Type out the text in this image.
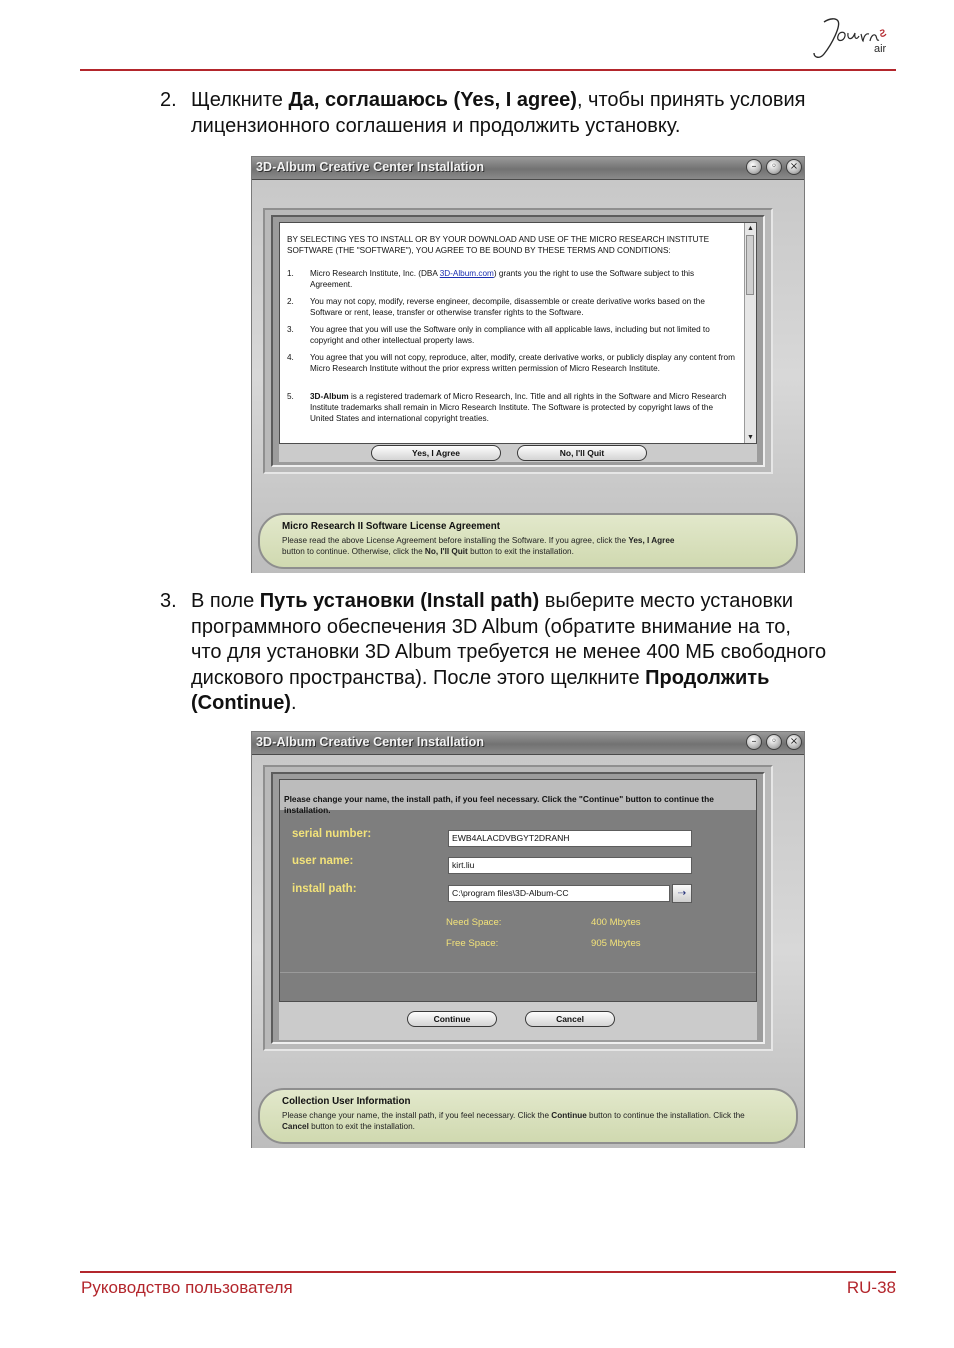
air
2. Щелкните Да, соглашаюсь (Yes, I agree), чтобы принять условия
лицензионного соглашения и продолжить установку.
3D-Album Creative Center Installation	–	◦	×

BY SELECTING YES TO INSTALL OR BY YOUR DOWNLOAD AND USE OF THE MICRO RESEARCH INSTITUTE SOFTWARE (THE "SOFTWARE"), YOU AGREE TO BE BOUND BY THESE TERMS AND CONDITIONS:

1. Micro Research Institute, Inc. (DBA 3D-Album.com) grants you the right to use the Software subject to this Agreement.
2. You may not copy, modify, reverse engineer, decompile, disassemble or create derivative works based on the Software or rent, lease, transfer or otherwise transfer rights to the Software.
3. You agree that you will use the Software only in compliance with all applicable laws, including but not limited to copyright and other intellectual property laws.
4. You agree that you will not copy, reproduce, alter, modify, create derivative works, or publicly display any content from Micro Research Institute without the prior express written permission of Micro Research Institute.
5. 3D-Album is a registered trademark of Micro Research, Inc. Title and all rights in the Software and Micro Research Institute trademarks shall remain in Micro Research Institute. The Software is protected by copyright laws of the United States and international copyright treaties.
▲
▼
Yes, I Agree	No, I'll Quit
Micro Research II Software License Agreement
Please read the above License Agreement before installing the Software. If you agree, click the Yes, I Agree
button to continue. Otherwise, click the No, I'll Quit button to exit the installation.
3. В поле Путь установки (Install path) выберите место установки
программного обеспечения 3D Album (обратите внимание на то,
что для установки 3D Album требуется не менее 400 МБ свободного
дискового пространства). После этого щелкните Продолжить
(Continue).
3D-Album Creative Center Installation	–	◦	×

Please change your name, the install path, if you feel necessary. Click the "Continue" button to continue the installation.

serial number:	EWB4ALACDVBGYT2DRANH
user name:	kirt.liu
install path:	C:\program files\3D-Album-CC	⇢
Need Space:	400 Mbytes
Free Space:	905 Mbytes
Continue	Cancel
Collection User Information
Please change your name, the install path, if you feel necessary. Click the Continue button to continue the installation. Click the Cancel button to exit the installation.
Руководство пользователя	RU-38
